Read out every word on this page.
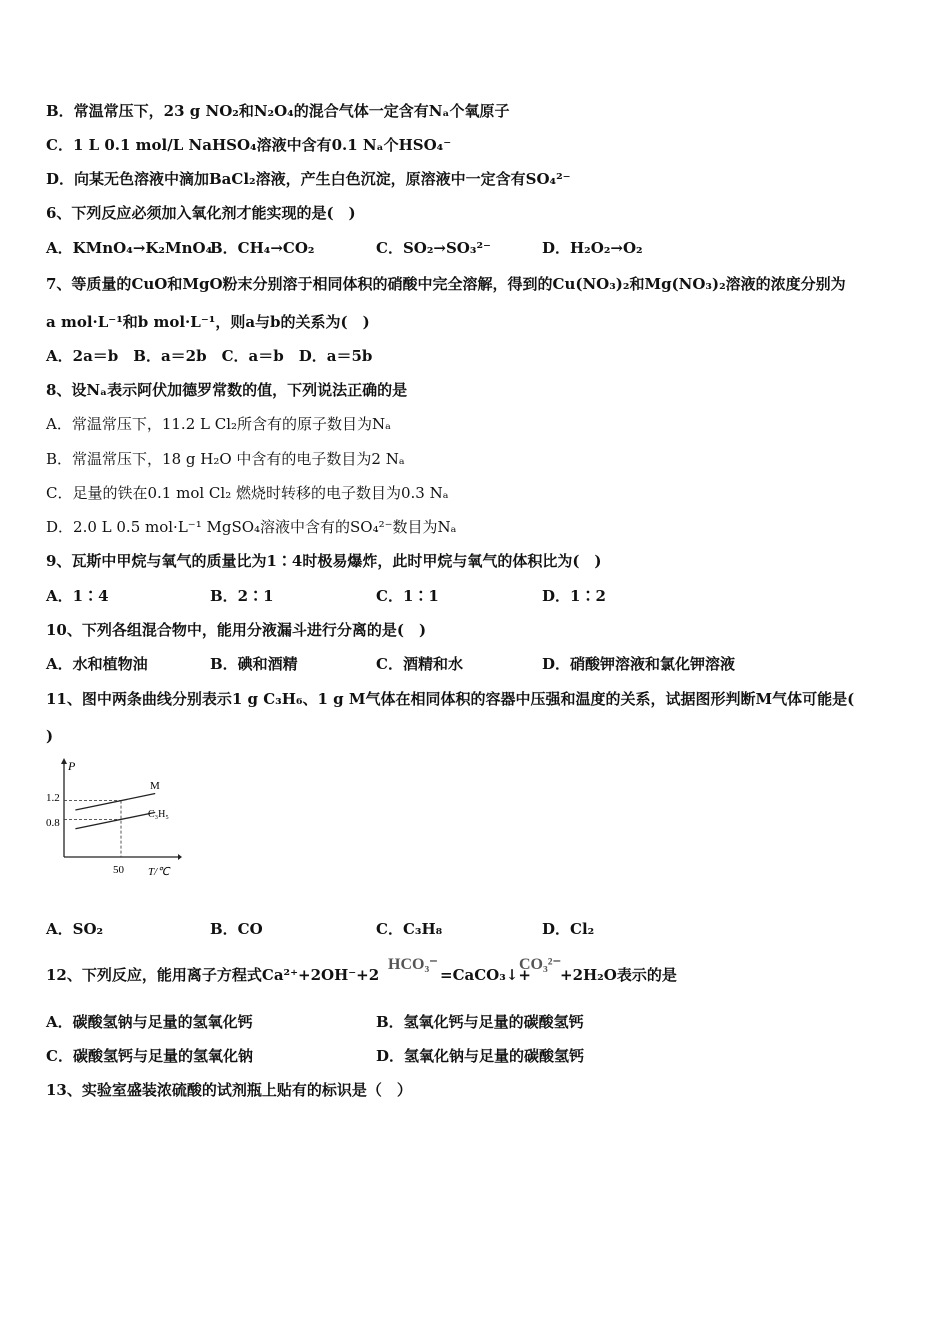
B．常温常压下，23 g NO₂和N₂O₄的混合气体一定含有Nₐ个氧原子
C．1 L 0.1 mol/L NaHSO₄溶液中含有0.1 Nₐ个HSO₄⁻
D．向某无色溶液中滴加BaCl₂溶液，产生白色沉淀，原溶液中一定含有SO₄²⁻
6、下列反应必须加入氧化剂才能实现的是(　)
A．KMnO₄→K₂MnO₄
B．CH₄→CO₂	C．SO₂→SO₃²⁻	D．H₂O₂→O₂
7、等质量的CuO和MgO粉末分别溶于相同体积的硝酸中完全溶解，得到的Cu(NO₃)₂和Mg(NO₃)₂溶液的浓度分别为
a mol·L⁻¹和b mol·L⁻¹，则a与b的关系为(　)
A．2a＝b　B．a＝2b　C．a＝b　D．a＝5b
8、设Nₐ表示阿伏加德罗常数的值，下列说法正确的是
A．常温常压下，11.2 L Cl₂所含有的原子数目为Nₐ
B．常温常压下，18 g H₂O 中含有的电子数目为2 Nₐ
C．足量的铁在0.1 mol Cl₂ 燃烧时转移的电子数目为0.3 Nₐ
D．2.0 L 0.5 mol·L⁻¹ MgSO₄溶液中含有的SO₄²⁻数目为Nₐ
9、瓦斯中甲烷与氧气的质量比为1∶4时极易爆炸，此时甲烷与氧气的体积比为(　)
A．1∶4	B．2∶1	C．1∶1	D．1∶2
10、下列各组混合物中，能用分液漏斗进行分离的是(　)
A．水和植物油	B．碘和酒精	C．酒精和水	D．硝酸钾溶液和氯化钾溶液
11、图中两条曲线分别表示1 g C₃H₆、1 g M气体在相同体积的容器中压强和温度的关系，试据图形判断M气体可能是(
)
P
1.2
0.8
50 T/℃
M
C₃H₅
A．SO₂	B．CO	C．C₃H₈	D．Cl₂
12、下列反应，能用离子方程式Ca²⁺+2OH⁻+2
HCO₃⁻
=CaCO₃↓+
CO₃²⁻
+2H₂O表示的是
A．碳酸氢钠与足量的氢氧化钙	B．氢氧化钙与足量的碳酸氢钙
C．碳酸氢钙与足量的氢氧化钠	D．氢氧化钠与足量的碳酸氢钙
13、实验室盛装浓硫酸的试剂瓶上贴有的标识是（　）
